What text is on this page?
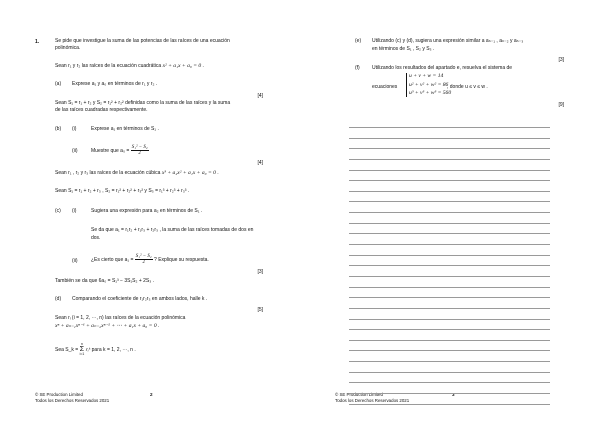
1.	Se pide que investigue la suma de las potencias de las raíces de una ecuación polinómica.
Sean r₁ y r₂ las raíces de la ecuación cuadrática x² + a₁x + a₀ = 0 .
(a) Exprese a₁ y a₀ en términos de r₁ y r₂ .
[4]
Sean S₁ = r₁ + r₂ y S₂ = r₁² + r₂² definidas como la suma de las raíces y la suma
de las raíces cuadradas respectivamente.
(b) (i)	Exprese a₁ en términos de S₁ .
(ii)	Muestre que $a_0 = \frac{\text{S₁² − S₂}}{2}$
[4]
Sean r₁ , r₂ y r₃ las raíces de la ecuación cúbica x³ + a₂x² + a₁x + a₀ = 0 .
Sean S₁ = r₁ + r₂ + r₃ , S₂ = r₁² + r₂² + r₃² y S₃ = r₁³ + r₂³ + r₃³ .
(c) (i)	Sugiera una expresión para a₂ en términos de S₁ .
Se da que a₁ = r₁r₂ + r₁r₃ + r₂r₃ , la suma de las raíces tomadas de dos en
dos.
(ii)	¿Es cierto que $a_1 = \frac{\text{S₁² − S₂}}{2}$ ? Explique su respuesta.
[3]
También se da que 6a₀ = S₁³ − 3S₁S₂ + 2S₃ .
(d) Comparando el coeficiente de r₁r₂r₃ en ambos lados, halle k .
[5]
Sean rᵢ (i = 1, 2, ⋯, n) las raíces de la ecuación polinómica
xⁿ + aₙ₋₁xⁿ⁻¹ + aₙ₋₂xⁿ⁻² + ⋯ + a₁x + a₀ = 0 .
Sea S_k =
n
Σ
i=1
rᵢᵏ para k = 1, 2, ⋯, n .
© SE Production Limited
Todos los Derechos Reservados 2021
2
(e) Utilizando (c) y (d), sugiera una expresión similar a aₙ₋₁ , aₙ₋₂ y aₙ₋₃
en términos de S₁ , S₂ y S₃ .
[3]
(f) Utilizando los resultados del apartado e, resuelva el sistema de
ecuaciones
u + v + w = 14
u² + v² + w² = 86
u³ + v³ + w³ = 560
, donde u ≤ v ≤ w .
[9]
© SE Production Limited
Todos los Derechos Reservados 2021
3
